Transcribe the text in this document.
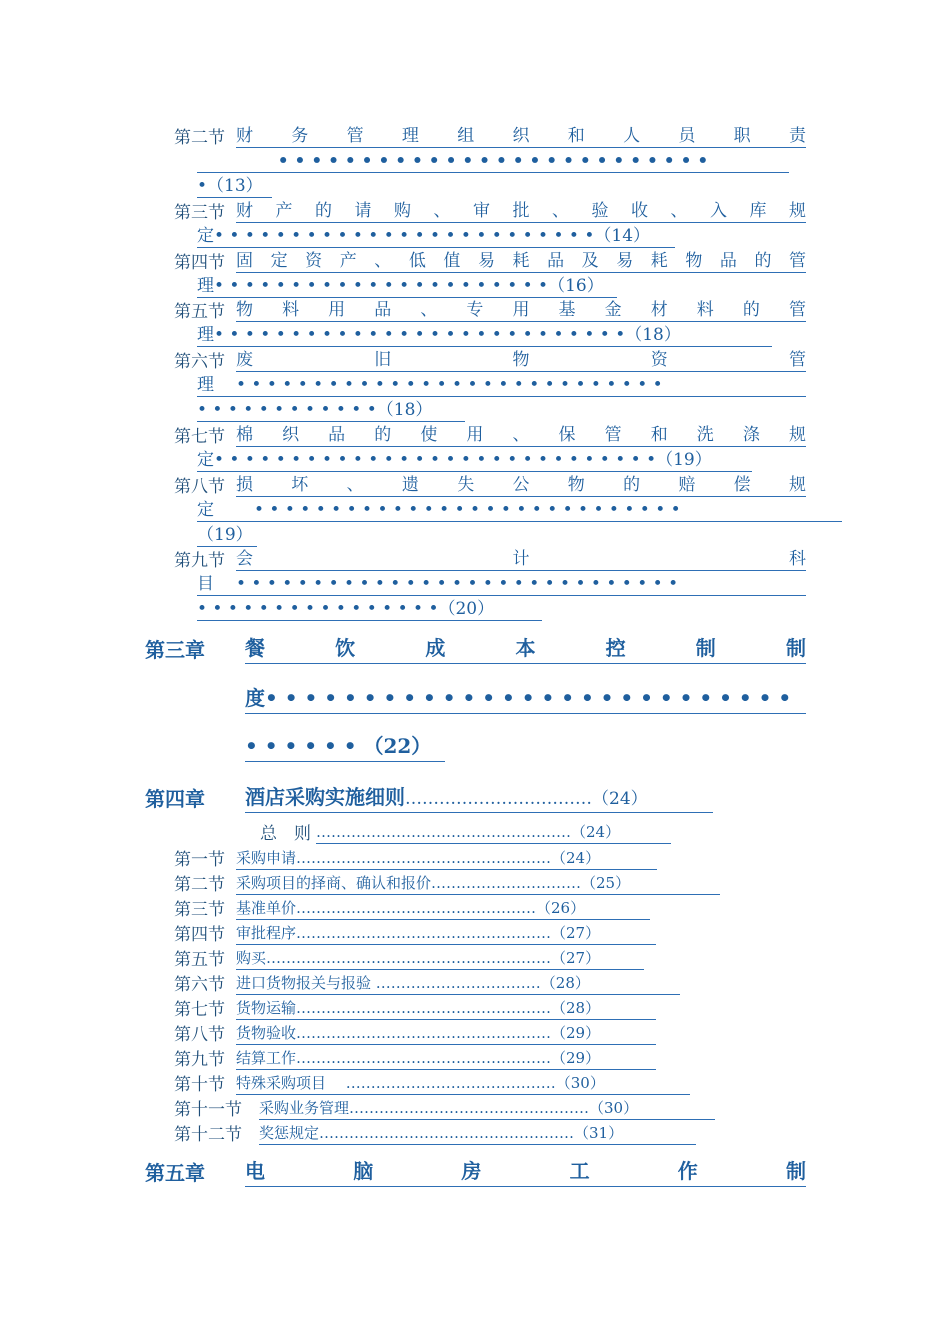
第二节 财 务 管 理 组 织 和 人 员 职 责
• • • • • • • • • • • • • • • • • • • • • • • • • •
•（13）
第三节 财 产 的 请 购 、 审 批 、 验 收 、 入 库 规
定• • • • • • • • • • • • • • • • • • • • • • • • •（14）
第四节 固 定 资 产 、 低 值 易 耗 品 及 易 耗 物 品 的 管
理• • • • • • • • • • • • • • • • • • • • • •（16）
第五节 物 料 用 品 、 专 用 基 金 材 料 的 管
理• • • • • • • • • • • • • • • • • • • • • • • • • • •（18）
第六节 废	旧	物	资	管
理 • • • • • • • • • • • • • • • • • • • • • • • • • • • •
• • • • • • • • • • • •（18）
第七节 棉 织 品 的 使 用 、 保 管 和 洗 涤 规
定• • • • • • • • • • • • • • • • • • • • • • • • • • • • •（19）
第八节 损 坏 、 遗 失 公 物 的 赔 偿 规
定 • • • • • • • • • • • • • • • • • • • • • • • • • • • •
（19）
第九节 会	计	科
目 • • • • • • • • • • • • • • • • • • • • • • • • • • • • •
• • • • • • • • • • • • • • • •（20）
第三章 餐	饮	成	本	控	制	制
度• • • • • • • • • • • • • • • • • • • • • • • • • • •
• • • • • • （22）
第四章 酒店采购实施细则……………………………（24）
总　则 ……………………………………………（24）
第一节 采购申请……………………………………………（24）
第二节 采购项目的择商、确认和报价…………………………（25）
第三节 基准单价…………………………………………（26）
第四节 审批程序……………………………………………（27）
第五节 购买…………………………………………………（27）
第六节 进口货物报关与报验 ……………………………（28）
第七节 货物运输……………………………………………（28）
第八节 货物验收……………………………………………（29）
第九节 结算工作……………………………………………（29）
第十节 特殊采购项目　 ……………………………………（30）
第十一节 采购业务管理…………………………………………（30）
第十二节 奖惩规定……………………………………………（31）
第五章 电	脑	房	工	作	制
